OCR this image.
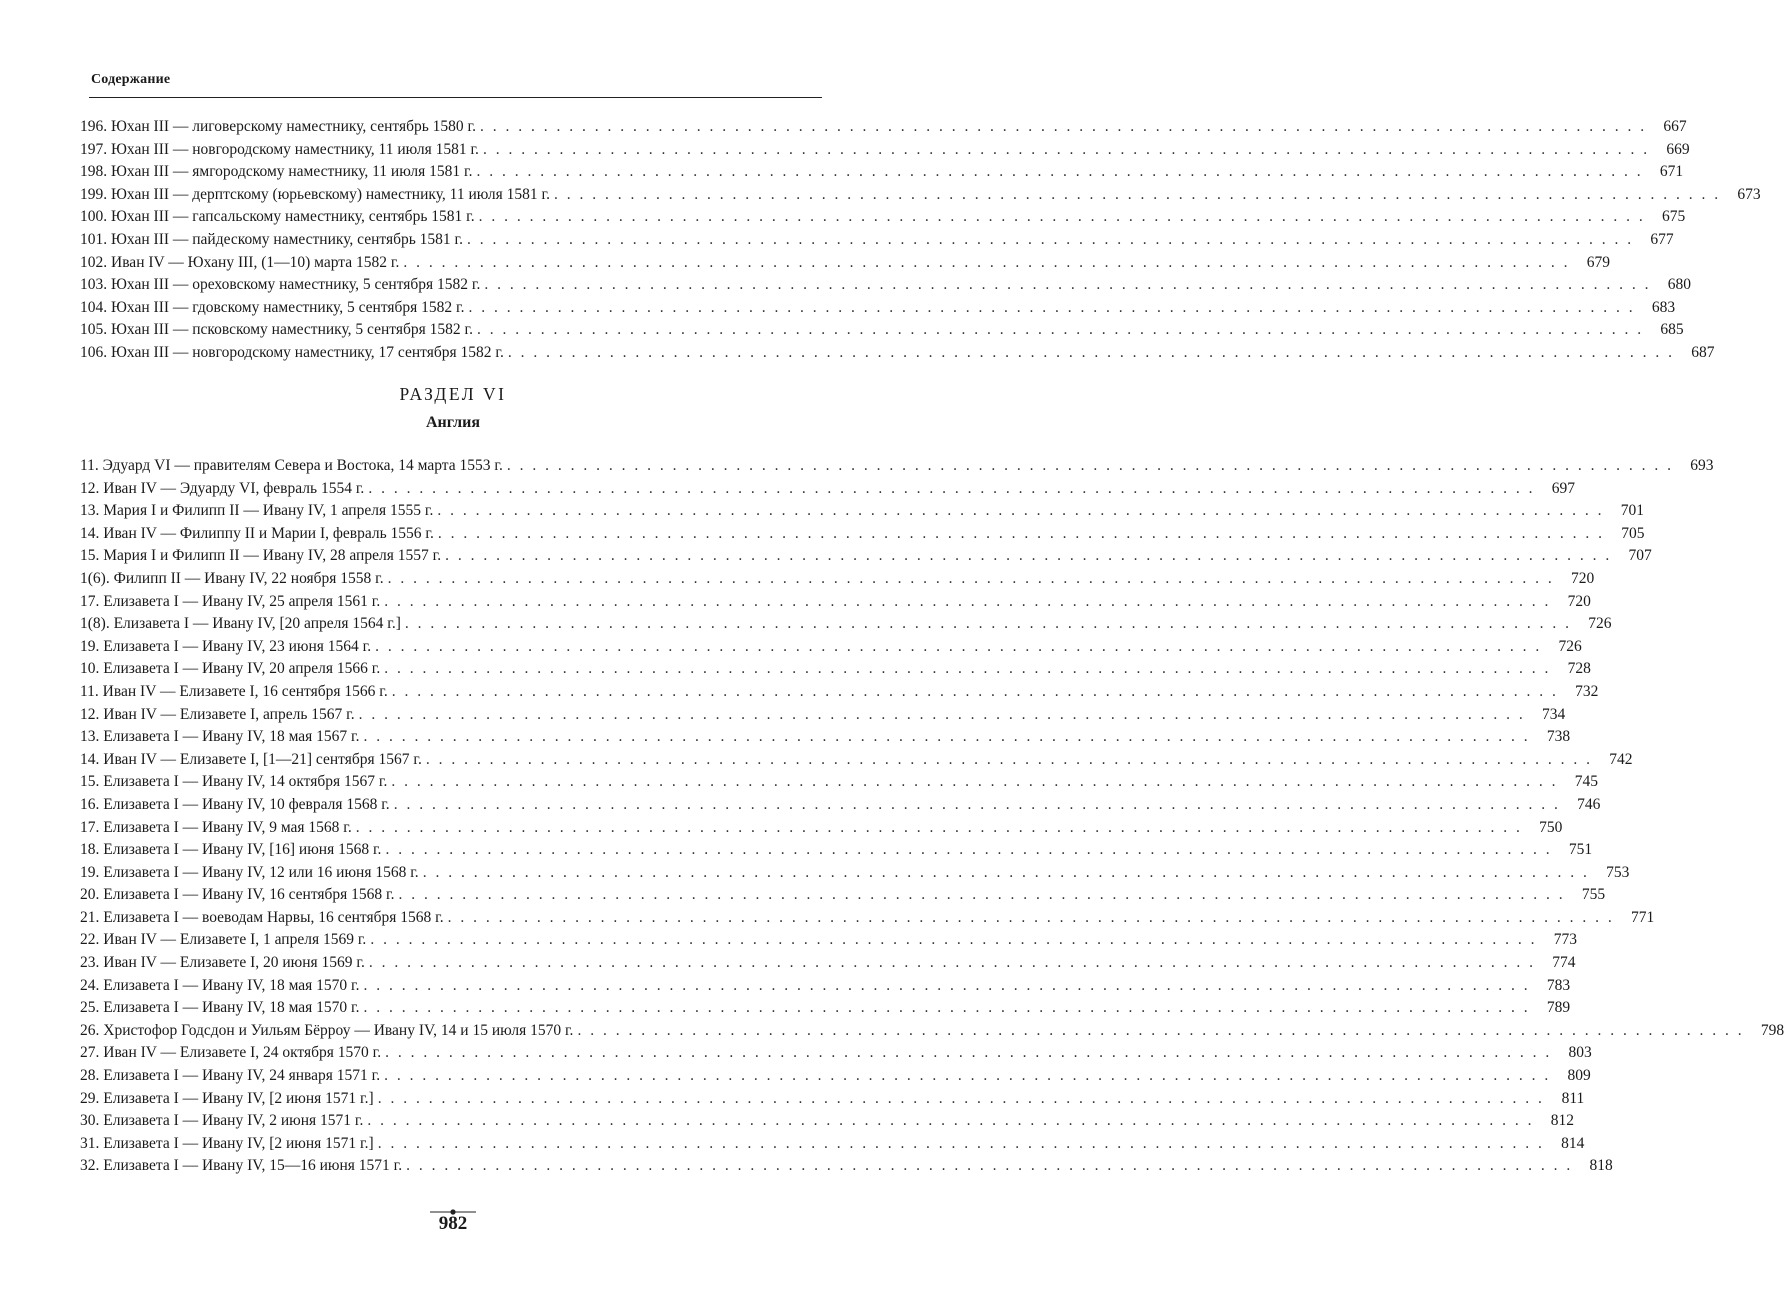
Содержание
196. Юхан III — лиговерскому наместнику, сентябрь 1580 г. . . .	667
197. Юхан III — новгородскому наместнику, 11 июля 1581 г. . . .	669
198. Юхан III — ямгородскому наместнику, 11 июля 1581 г. . . .	671
199. Юхан III — дерптскому (юрьевскому) наместнику, 11 июля 1581 г. . . .	673
100. Юхан III — гапсальскому наместнику, сентябрь 1581 г. . . .	675
101. Юхан III — пайдескому наместнику, сентябрь 1581 г. . . .	677
102. Иван IV — Юхану III, (1—10) марта 1582 г. . . .	679
103. Юхан III — ореховскому наместнику, 5 сентября 1582 г. . . .	680
104. Юхан III — гдовскому наместнику, 5 сентября 1582 г. . . .	683
105. Юхан III — псковскому наместнику, 5 сентября 1582 г. . . .	685
106. Юхан III — новгородскому наместнику, 17 сентября 1582 г. . . .	687
РАЗДЕЛ VI
Англия
11. Эдуард VI — правителям Севера и Востока, 14 марта 1553 г. . . .	693
12. Иван IV — Эдуарду VI, февраль 1554 г. . . .	697
13. Мария I и Филипп II — Ивану IV, 1 апреля 1555 г. . . .	701
14. Иван IV — Филиппу II и Марии I, февраль 1556 г. . . .	705
15. Мария I и Филипп II — Ивану IV, 28 апреля 1557 г. . . .	707
1(6). Филипп II — Ивану IV, 22 ноября 1558 г. . . .	720
17. Елизавета I — Ивану IV, 25 апреля 1561 г. . . .	720
1(8). Елизавета I — Ивану IV, [20 апреля 1564 г.] . . .	726
19. Елизавета I — Ивану IV, 23 июня 1564 г. . . .	726
10. Елизавета I — Ивану IV, 20 апреля 1566 г. . . .	728
11. Иван IV — Елизавете I, 16 сентября 1566 г. . . .	732
12. Иван IV — Елизавете I, апрель 1567 г. . . .	734
13. Елизавета I — Ивану IV, 18 мая 1567 г. . . .	738
14. Иван IV — Елизавете I, [1—21] сентября 1567 г. . . .	742
15. Елизавета I — Ивану IV, 14 октября 1567 г. . . .	745
16. Елизавета I — Ивану IV, 10 февраля 1568 г. . . .	746
17. Елизавета I — Ивану IV, 9 мая 1568 г. . . .	750
18. Елизавета I — Ивану IV, [16] июня 1568 г. . . .	751
19. Елизавета I — Ивану IV, 12 или 16 июня 1568 г. . . .	753
20. Елизавета I — Ивану IV, 16 сентября 1568 г. . . .	755
21. Елизавета I — воеводам Нарвы, 16 сентября 1568 г. . . .	771
22. Иван IV — Елизавете I, 1 апреля 1569 г. . . .	773
23. Иван IV — Елизавете I, 20 июня 1569 г. . . .	774
24. Елизавета I — Ивану IV, 18 мая 1570 г. . . .	783
25. Елизавета I — Ивану IV, 18 мая 1570 г. . . .	789
26. Христофор Годсдон и Уильям Бёрроу — Ивану IV, 14 и 15 июля 1570 г. . . .	798
27. Иван IV — Елизавете I, 24 октября 1570 г. . . .	803
28. Елизавета I — Ивану IV, 24 января 1571 г. . . .	809
29. Елизавета I — Ивану IV, [2 июня 1571 г.] . . .	811
30. Елизавета I — Ивану IV, 2 июня 1571 г. . . .	812
31. Елизавета I — Ивану IV, [2 июня 1571 г.] . . .	814
32. Елизавета I — Ивану IV, 15—16 июня 1571 г. . . .	818
982
